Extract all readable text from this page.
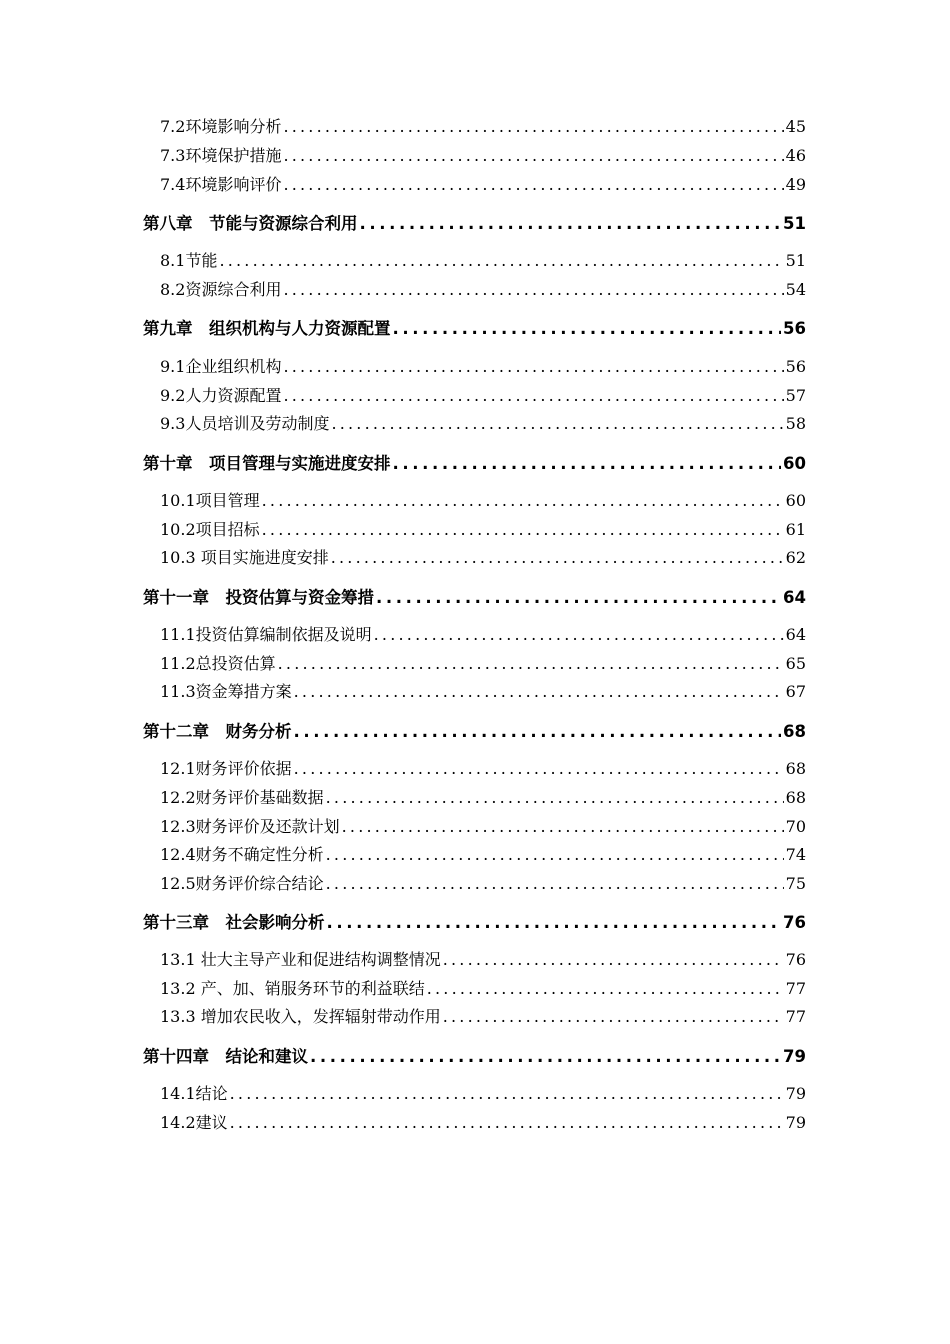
7.2环境影响分析 .....	45
7.3环境保护措施 .....	46
7.4环境影响评价 .....	49
第八章　节能与资源综合利用 .....	51
8.1节能 .....	51
8.2资源综合利用 .....	54
第九章　组织机构与人力资源配置 .....	56
9.1企业组织机构 .....	56
9.2人力资源配置 .....	57
9.3人员培训及劳动制度 .....	58
第十章　项目管理与实施进度安排 .....	60
10.1项目管理 .....	60
10.2项目招标 .....	61
10.3 项目实施进度安排 .....	62
第十一章　投资估算与资金筹措 .....	64
11.1投资估算编制依据及说明 .....	64
11.2总投资估算 .....	65
11.3资金筹措方案 .....	67
第十二章　财务分析 .....	68
12.1财务评价依据 .....	68
12.2财务评价基础数据 .....	68
12.3财务评价及还款计划 .....	70
12.4财务不确定性分析 .....	74
12.5财务评价综合结论 .....	75
第十三章　社会影响分析 .....	76
13.1 壮大主导产业和促进结构调整情况 .....	76
13.2 产、加、销服务环节的利益联结 .....	77
13.3 增加农民收入，发挥辐射带动作用 .....	77
第十四章　结论和建议 .....	79
14.1结论 .....	79
14.2建议 .....	79
